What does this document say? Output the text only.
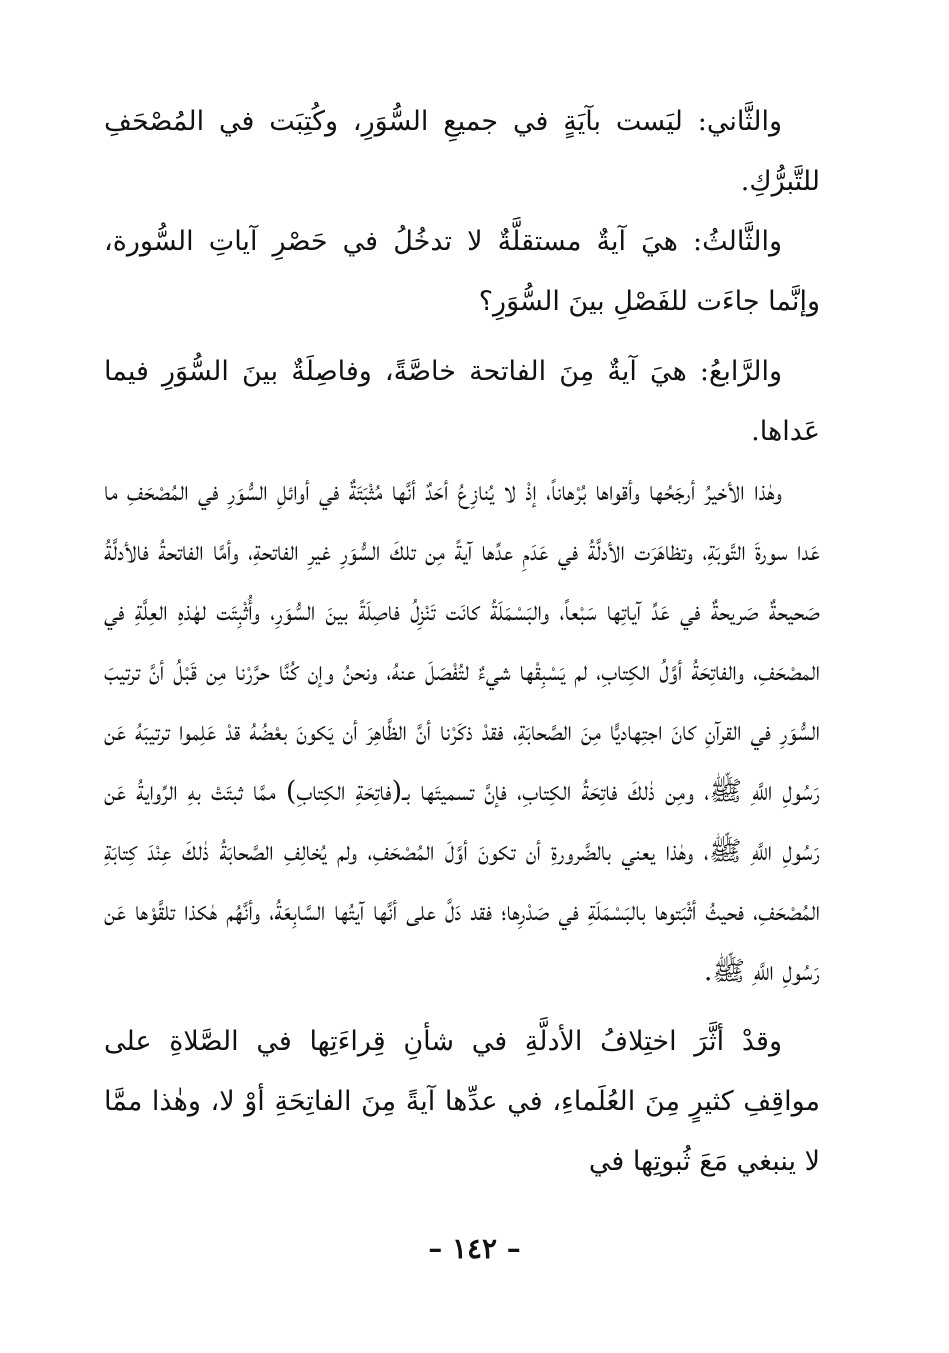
والثَّاني: ليَست بآيَةٍ في جميعِ السُّوَرِ، وكُتِبَت في المُصْحَفِ للتَّبرُّكِ.

والثَّالثُ: هيَ آيةٌ مستقلَّةٌ لا تدخُلُ في حَصْرِ آياتِ السُّورة، وإنَّما جاءَت للفَصْلِ بينَ السُّوَرِ؟

والرَّابعُ: هيَ آيةٌ مِنَ الفاتحة خاصَّةً، وفاصِلَةٌ بينَ السُّوَرِ فيما عَداها.

وهٰذا الأخيرُ أرجَحُها وأقواها بُرْهاناً، إذْ لا يُنازِعُ أحَدٌ أنَّها مُثْبَتَةٌ في أوائلِ السُّوَرِ في المُصْحَفِ ما عَدا سورةَ التَّوبَةِ، وتظاهَرَت الأدلَّةُ في عَدَمِ عدِّها آيةً مِن تلكَ السُّوَرِ غيرِ الفاتحةِ، وأمَّا الفاتحةُ فالأدلَّةُ صَحيحةٌ صَريحةٌ في عَدِّ آياتِها سَبْعاً، والبَسْمَلَةُ كانَت تَنْزِلُ فاصِلَةً بينَ السُّوَرِ، وأُثْبِتَت لهٰذهِ العِلَّةِ في المصْحَفِ، والفاتِحَةُ أوَّلُ الكِتابِ، لم يَسْبِقْها شيءٌ لتُفْصَلَ عنهُ، ونحنُ وإن كُنَّا حرَّرْنا مِن قَبْلُ أنَّ ترتيبَ السُّوَرِ في القرآنِ كانَ اجتِهاديًّا مِنَ الصَّحابَةِ، فقدْ ذكَرْنا أنَّ الظَّاهِرَ أن يَكونَ بعْضُهُ قدْ عَلِموا ترتيبَهُ عَن رَسُولِ اللَّهِ ﷺ، ومِن ذٰلكَ فاتِحَةُ الكِتابِ، فإنَّ تسميتَها بـ(فاتِحَةِ الكِتابِ) ممَّا ثبتَتْ بهِ الرِّوايةُ عَن رَسُولِ اللَّهِ ﷺ، وهٰذا يعني بالضَّرورةِ أن تكونَ أوَّلَ المُصْحَفِ، ولم يُخالِفِ الصَّحابَةُ ذٰلكَ عِنْدَ كِتابَةِ المُصْحَفِ، فحيثُ أثْبَتوها بالبَسْمَلَةِ في صَدْرِها؛ فقد دَلَّ على أنَّها آيتُها السَّابِعَةُ، وأنَّهُم هٰكذا تلقَّوْها عَن رَسُولِ اللَّهِ ﷺ.

وقدْ أثَّرَ اختِلافُ الأدلَّةِ في شأنِ قِراءَتِها في الصَّلاةِ على مواقِفِ كثيرٍ مِنَ العُلَماءِ، في عدِّها آيةً مِنَ الفاتِحَةِ أوْ لا، وهٰذا ممَّا لا ينبغي مَعَ ثُبوتِها في

– ١٤٢ –
